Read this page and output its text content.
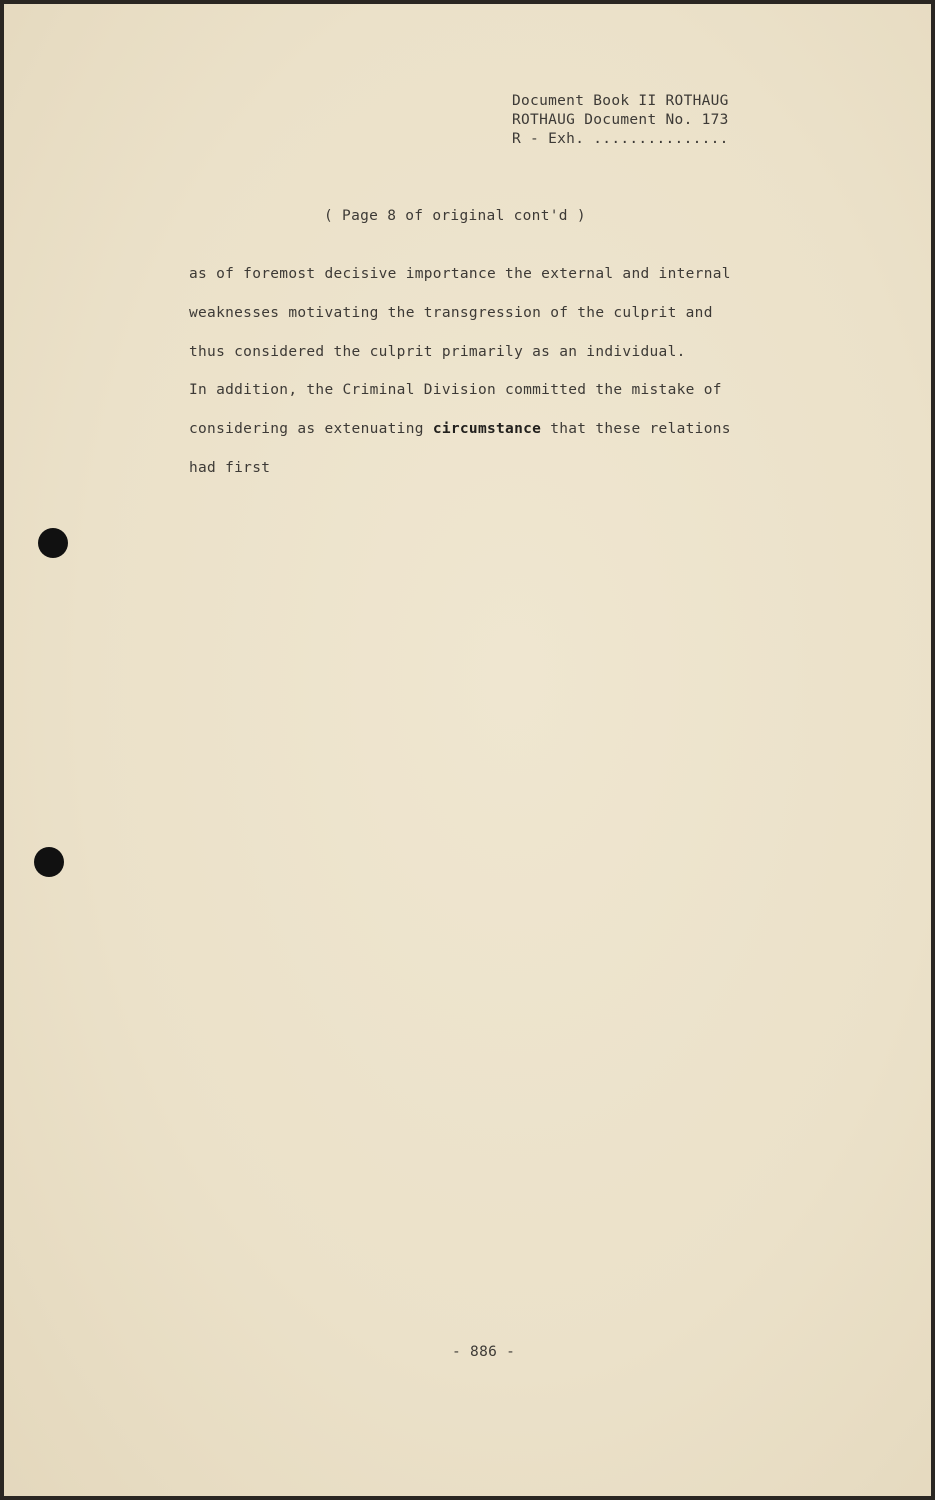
Document Book II ROTHAUG
ROTHAUG Document No. 173
R - Exh. ...............
( Page 8 of original cont'd )
as of foremost decisive importance the external and internal
weaknesses motivating the transgression of the culprit and
thus considered the culprit primarily as an individual.
In addition, the Criminal Division committed the mistake of
considering as extenuating circumstance that these relations
had first
- 886 -
